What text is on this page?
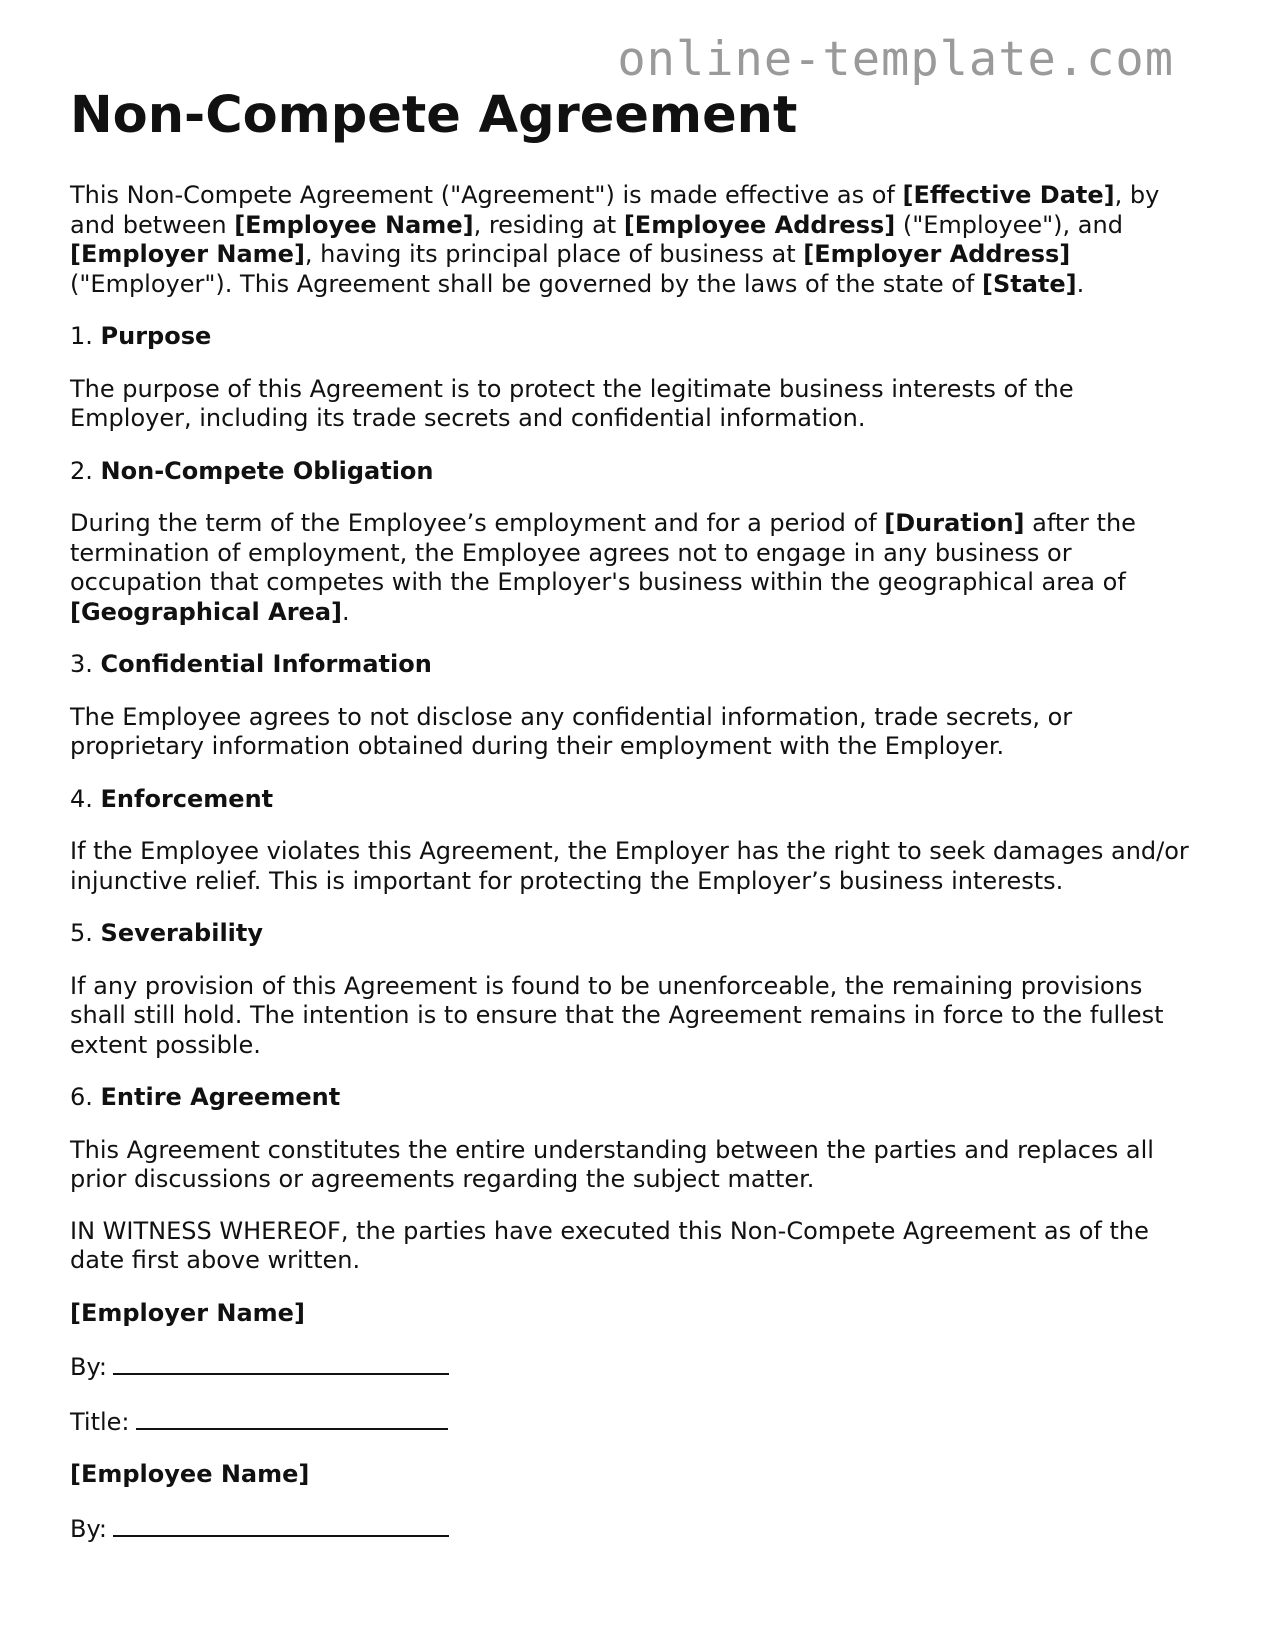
online-template.com
Non-Compete Agreement

This Non-Compete Agreement ("Agreement") is made effective as of [Effective Date], by and between [Employee Name], residing at [Employee Address] ("Employee"), and [Employer Name], having its principal place of business at [Employer Address] ("Employer"). This Agreement shall be governed by the laws of the state of [State].

1. Purpose

The purpose of this Agreement is to protect the legitimate business interests of the Employer, including its trade secrets and confidential information.

2. Non-Compete Obligation

During the term of the Employee’s employment and for a period of [Duration] after the termination of employment, the Employee agrees not to engage in any business or occupation that competes with the Employer's business within the geographical area of [Geographical Area].

3. Confidential Information

The Employee agrees to not disclose any confidential information, trade secrets, or proprietary information obtained during their employment with the Employer.

4. Enforcement

If the Employee violates this Agreement, the Employer has the right to seek damages and/or injunctive relief. This is important for protecting the Employer’s business interests.

5. Severability

If any provision of this Agreement is found to be unenforceable, the remaining provisions shall still hold. The intention is to ensure that the Agreement remains in force to the fullest extent possible.

6. Entire Agreement

This Agreement constitutes the entire understanding between the parties and replaces all prior discussions or agreements regarding the subject matter.

IN WITNESS WHEREOF, the parties have executed this Non-Compete Agreement as of the date first above written.

[Employer Name]

By:

Title:

[Employee Name]

By:
